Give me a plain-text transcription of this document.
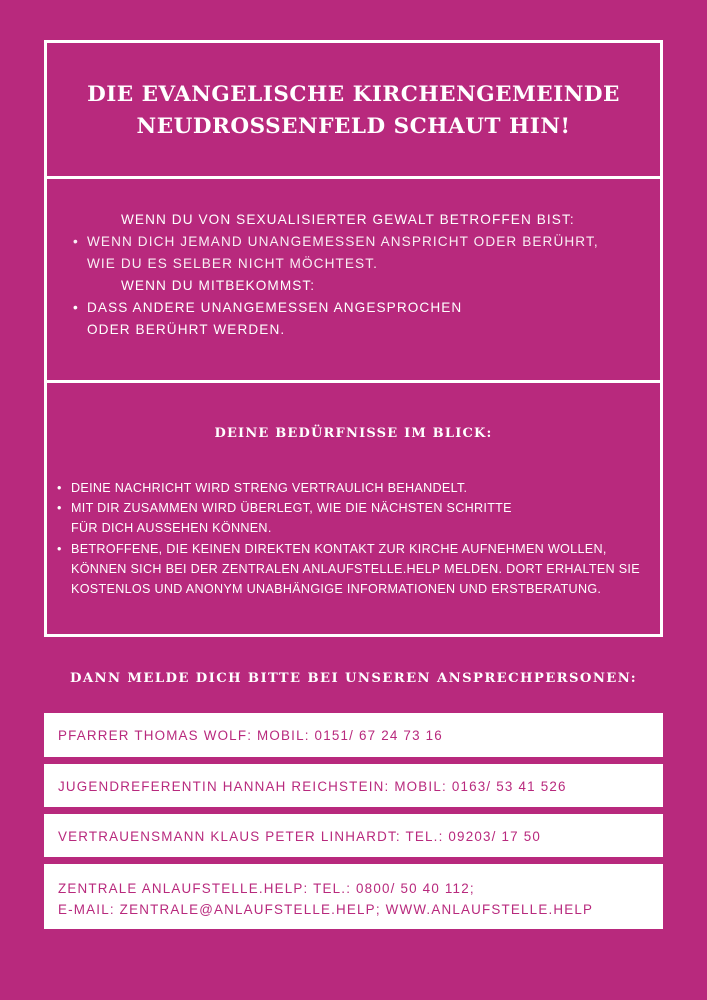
DIE EVANGELISCHE KIRCHENGEMEINDE
NEUDROSSENFELD SCHAUT HIN!
WENN DU VON SEXUALISIERTER GEWALT BETROFFEN BIST:
• WENN DICH JEMAND UNANGEMESSEN ANSPRICHT ODER BERÜHRT,
WIE DU ES SELBER NICHT MÖCHTEST.
WENN DU MITBEKOMMST:
• DASS ANDERE UNANGEMESSEN ANGESPROCHEN
ODER BERÜHRT WERDEN.
DEINE BEDÜRFNISSE IM BLICK:
• DEINE NACHRICHT WIRD STRENG VERTRAULICH BEHANDELT.
• MIT DIR ZUSAMMEN WIRD ÜBERLEGT, WIE DIE NÄCHSTEN SCHRITTE
FÜR DICH AUSSEHEN KÖNNEN.
• BETROFFENE, DIE KEINEN DIREKTEN KONTAKT ZUR KIRCHE AUFNEHMEN WOLLEN,
KÖNNEN SICH BEI DER ZENTRALEN ANLAUFSTELLE.HELP MELDEN. DORT ERHALTEN SIE
KOSTENLOS UND ANONYM UNABHÄNGIGE INFORMATIONEN UND ERSTBERATUNG.
DANN MELDE DICH BITTE BEI UNSEREN ANSPRECHPERSONEN:
PFARRER THOMAS WOLF: MOBIL: 0151/ 67 24 73 16
JUGENDREFERENTIN HANNAH REICHSTEIN: MOBIL: 0163/ 53 41 526
VERTRAUENSMANN KLAUS PETER LINHARDT: TEL.: 09203/ 17 50
ZENTRALE ANLAUFSTELLE.HELP: TEL.: 0800/ 50 40 112;
E-MAIL: ZENTRALE@ANLAUFSTELLE.HELP; WWW.ANLAUFSTELLE.HELP
